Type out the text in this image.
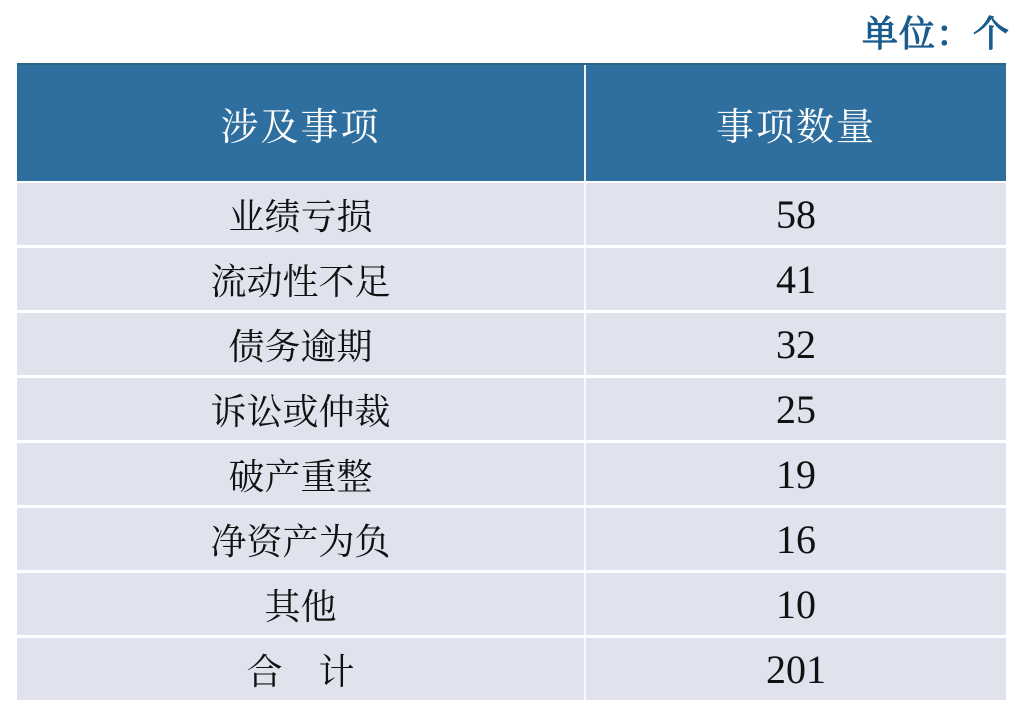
单位：个
涉及事项	事项数量
业绩亏损	58
流动性不足	41
债务逾期	32
诉讼或仲裁	25
破产重整	19
净资产为负	16
其他	10
合　计	201
